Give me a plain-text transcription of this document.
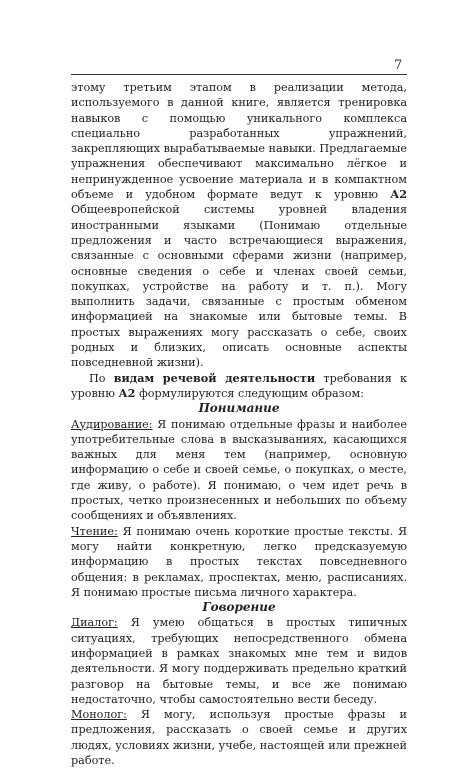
7

этому третьим этапом в реализации метода, используемого в данной книге, является тренировка навыков с помощью уникального комплекса специально разработанных упражнений, закрепляющих вырабатываемые навыки. Предлагаемые упражнения обеспечивают максимально лёгкое и непринужденное усвоение материала и в компактном объеме и удобном формате ведут к уровню А2 Общеевропейской системы уровней владения иностранными языками (Понимаю отдельные предложения и часто встречающиеся выражения, связанные с основными сферами жизни (например, основные сведения о себе и членах своей семьи, покупках, устройстве на работу и т. п.). Могу выполнить задачи, связанные с простым обменом информацией на знакомые или бытовые темы. В простых выражениях могу рассказать о себе, своих родных и близких, описать основные аспекты повседневной жизни).

По видам речевой деятельности требования к уровню А2 формулируются следующим образом:

Понимание

Аудирование: Я понимаю отдельные фразы и наиболее употребительные слова в высказываниях, касающихся важных для меня тем (например, основную информацию о себе и своей семье, о покупках, о месте, где живу, о работе). Я понимаю, о чем идет речь в простых, четко произнесенных и небольших по объему сообщениях и объявлениях.

Чтение: Я понимаю очень короткие простые тексты. Я могу найти конкретную, легко предсказуемую информацию в простых текстах повседневного общения: в рекламах, проспектах, меню, расписаниях. Я понимаю простые письма личного характера.

Говорение

Диалог: Я умею общаться в простых типичных ситуациях, требующих непосредственного обмена информацией в рамках знакомых мне тем и видов деятельности. Я могу поддерживать предельно краткий разговор на бытовые темы, и все же понимаю недостаточно, чтобы самостоятельно вести беседу.

Монолог: Я могу, используя простые фразы и предложения, рассказать о своей семье и других людях, условиях жизни, учебе, настоящей или прежней работе.
